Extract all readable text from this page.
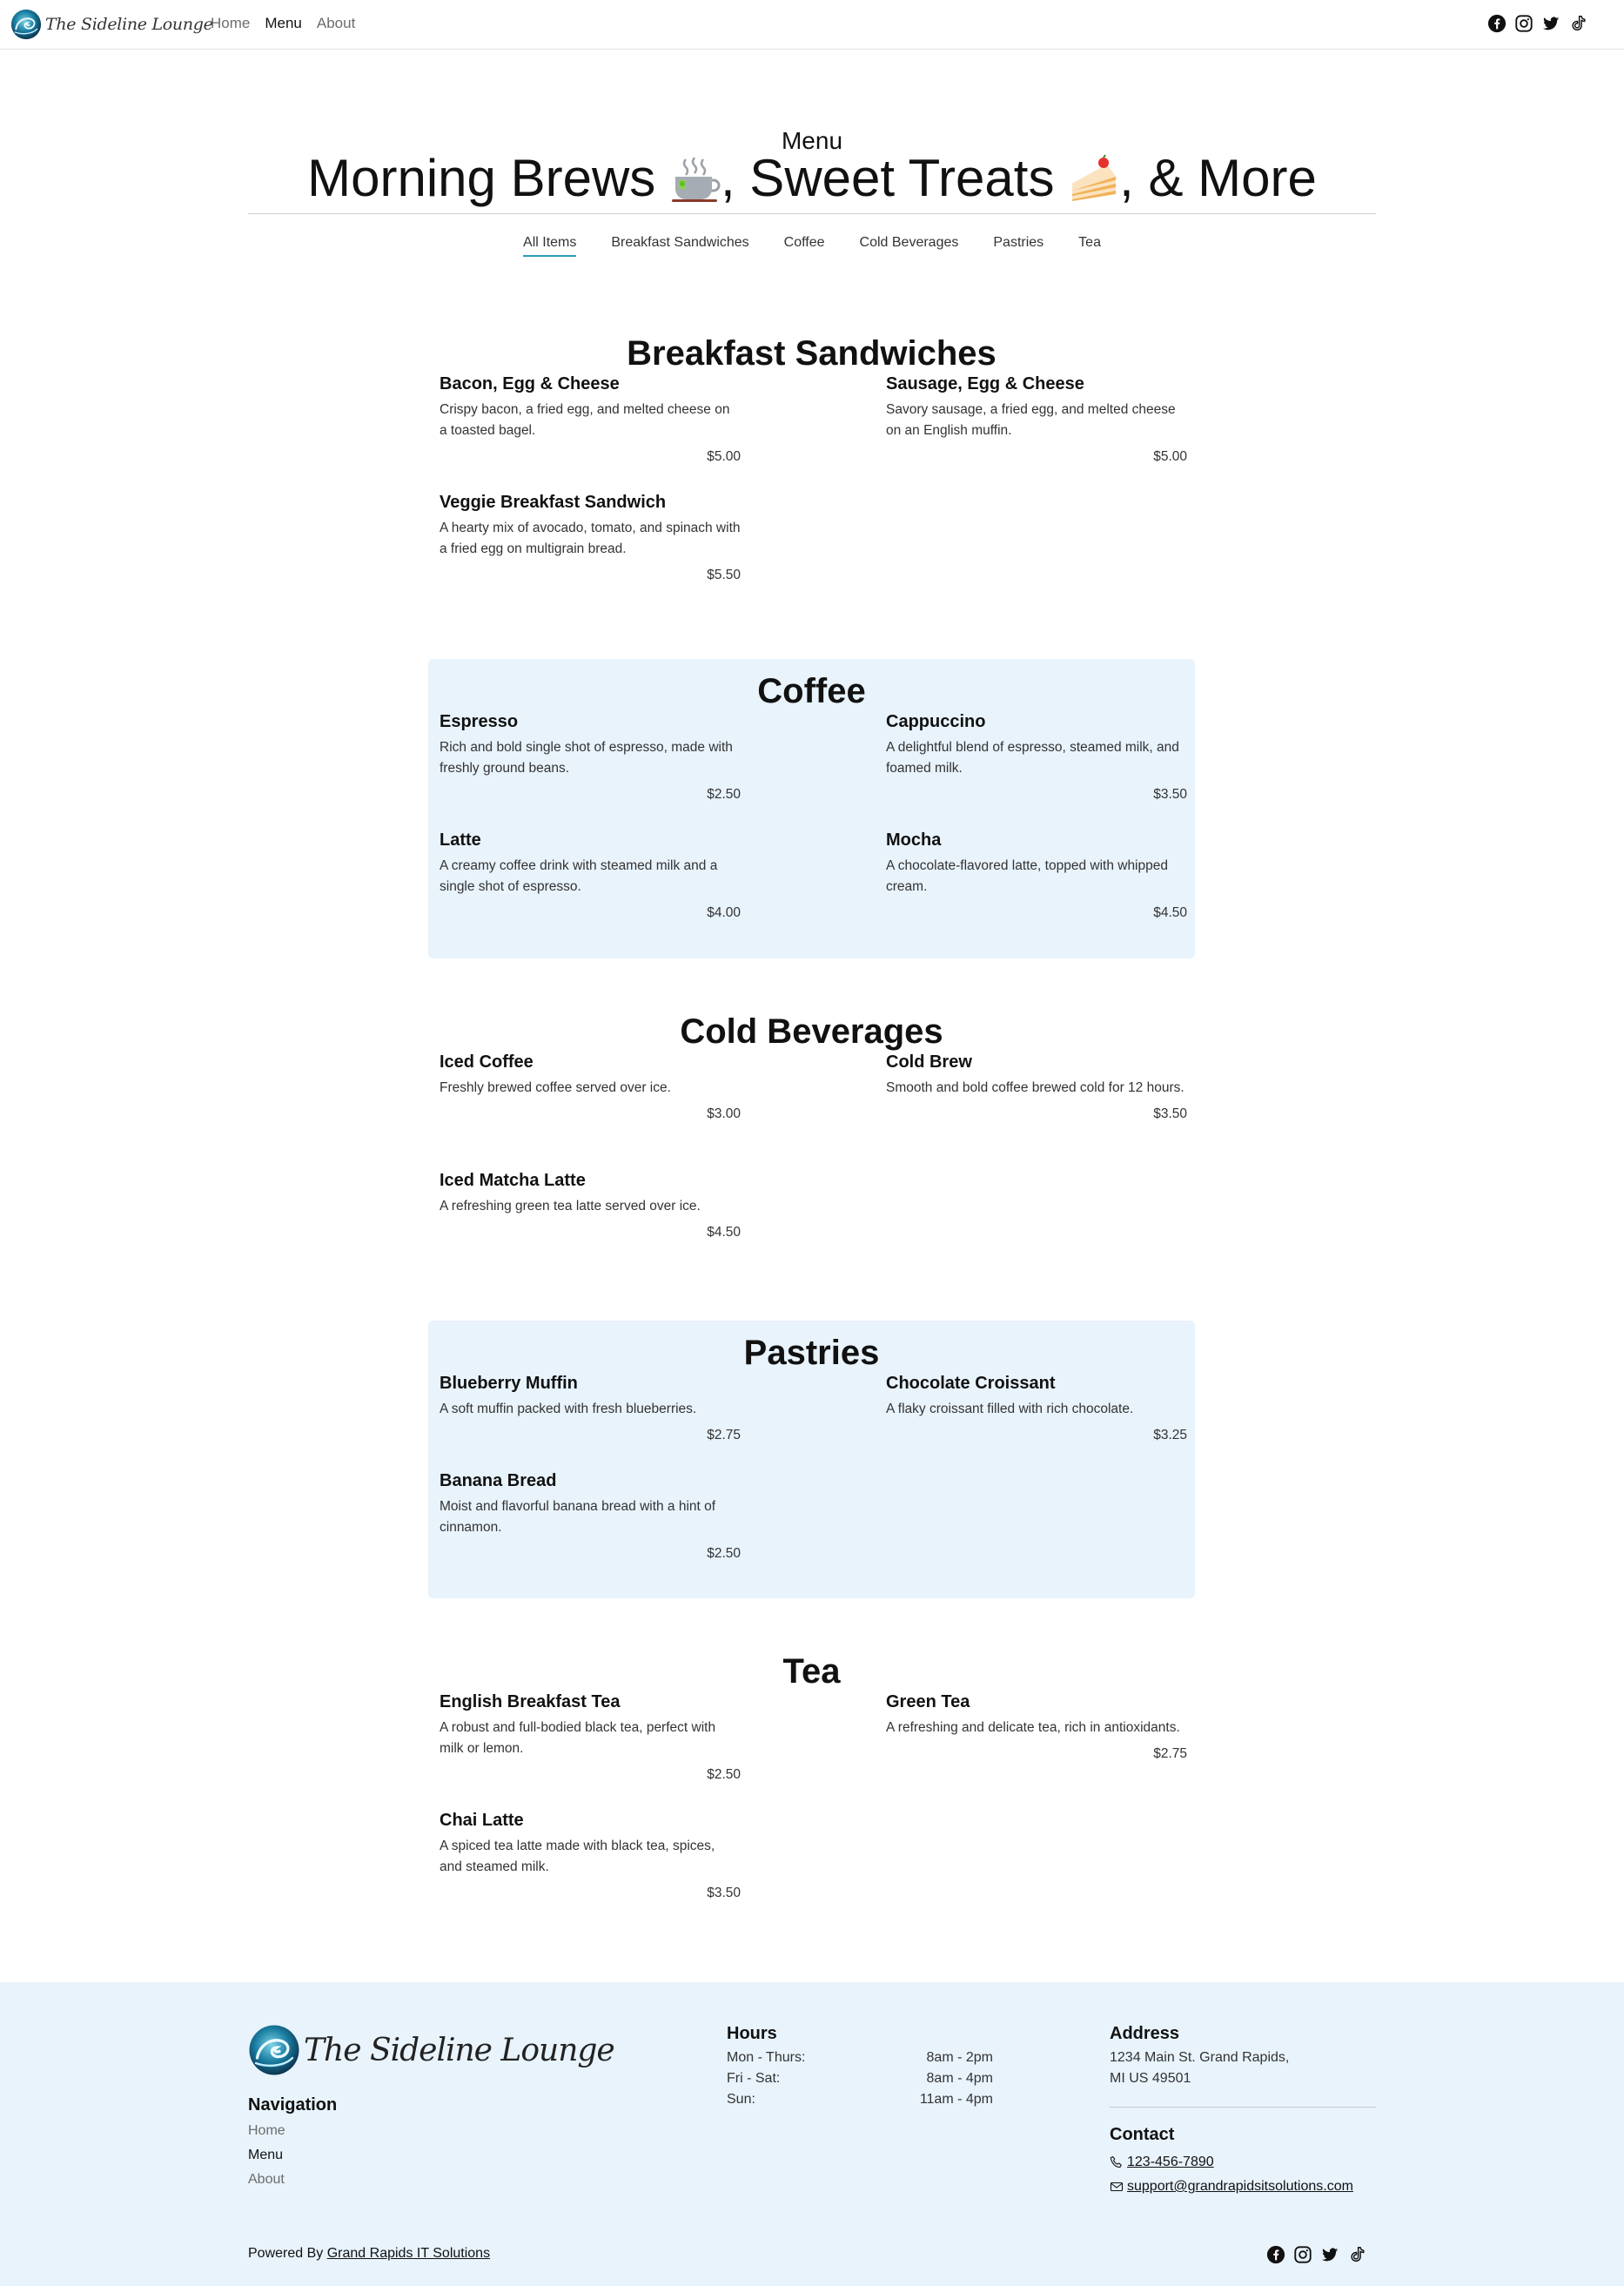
The Sideline Lounge
Home Menu About
Menu
Morning Brews , Sweet Treats , & More
All Items	Breakfast Sandwiches	Coffee	Cold Beverages	Pastries	Tea
Breakfast Sandwiches
Bacon, Egg & Cheese
Crispy bacon, a fried egg, and melted cheese on a toasted bagel.
$5.00
Sausage, Egg & Cheese
Savory sausage, a fried egg, and melted cheese on an English muffin.
$5.00
Veggie Breakfast Sandwich
A hearty mix of avocado, tomato, and spinach with a fried egg on multigrain bread.
$5.50
Coffee
Espresso
Rich and bold single shot of espresso, made with freshly ground beans.
$2.50
Cappuccino
A delightful blend of espresso, steamed milk, and foamed milk.
$3.50
Latte
A creamy coffee drink with steamed milk and a single shot of espresso.
$4.00
Mocha
A chocolate-flavored latte, topped with whipped cream.
$4.50
Cold Beverages
Iced Coffee
Freshly brewed coffee served over ice.
$3.00
Cold Brew
Smooth and bold coffee brewed cold for 12 hours.
$3.50
Iced Matcha Latte
A refreshing green tea latte served over ice.
$4.50
Pastries
Blueberry Muffin
A soft muffin packed with fresh blueberries.
$2.75
Chocolate Croissant
A flaky croissant filled with rich chocolate.
$3.25
Banana Bread
Moist and flavorful banana bread with a hint of cinnamon.
$2.50
Tea
English Breakfast Tea
A robust and full-bodied black tea, perfect with milk or lemon.
$2.50
Green Tea
A refreshing and delicate tea, rich in antioxidants.
$2.75
Chai Latte
A spiced tea latte made with black tea, spices, and steamed milk.
$3.50
The Sideline Lounge
Navigation
Home
Menu
About
Hours
Mon - Thurs:	8am - 2pm
Fri - Sat:	8am - 4pm
Sun:	11am - 4pm
Address
1234 Main St. Grand Rapids,
MI US 49501
Contact
123-456-7890
support@grandrapidsitsolutions.com
Powered By Grand Rapids IT Solutions
